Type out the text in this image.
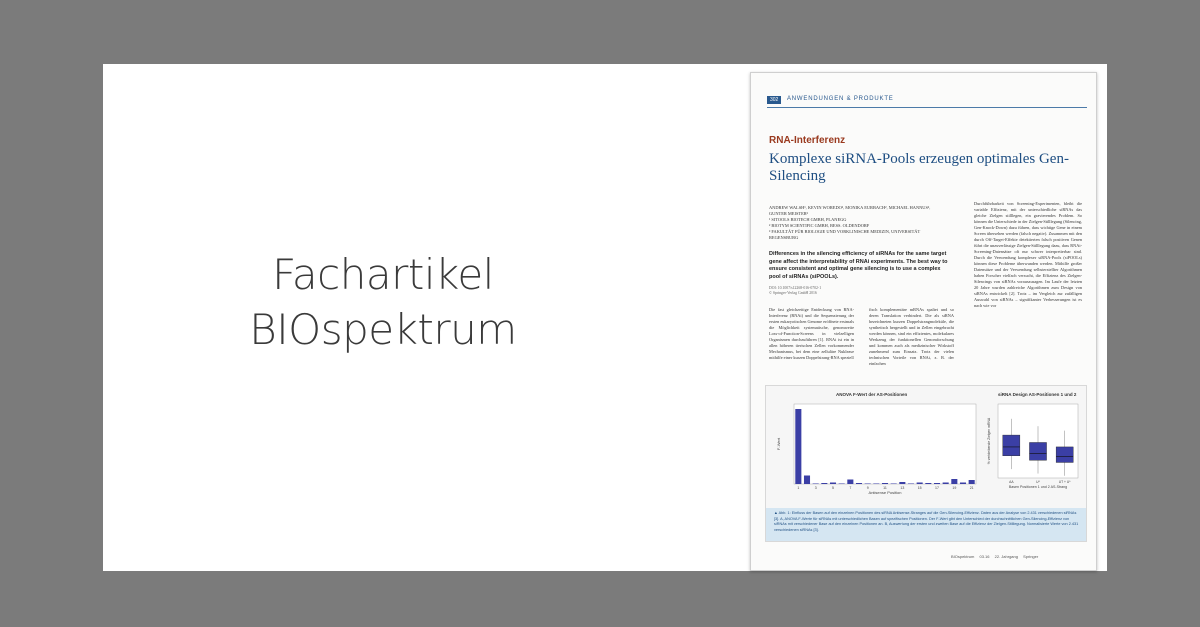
Fachartikel
BIOspektrum
302	ANWENDUNGEN & PRODUKTE
RNA-Interferenz
Komplexe siRNA-Pools erzeugen optimales Gen-Silencing
ANDREW WALSH¹, KEVIN WOREDO², MONIKA EURBACH², MICHAEL HANNUS², GUNTER MEISTER³
¹ SITOOLS BIOTECH GMBH, PLANEGG
² BIOTYM SCIENTIFIC GMBH, BESS. OLDENDORF
³ FAKULTÄT FÜR BIOLOGIE UND VORKLINISCHE MEDIZIN, UNIVERSITÄT REGENSBURG
Differences in the silencing efficiency of siRNAs for the same target gene affect the interpretability of RNAi experiments. The best way to ensure consistent and optimal gene silencing is to use a complex pool of siRNAs (siPOOLs).
DOI: 10.1007/s12268-016-0702-1
© Springer-Verlag GmbH 2016
Die fast gleichzeitige Entdeckung von RNA-Interferenz (RNAi) und die Sequenzierung der ersten eukaryotischen Genome eröffnete erstmals die Möglichkeit systematische, genomweite Loss-of-Function-Screens in vielzelligen Organismen durchzuführen [1]. RNAi ist ein in allen höheren tierischen Zellen vorkommender Mechanismus, bei dem eine zelluläre Nuklease mithilfe einer kurzen Doppelstrang-RNA speziell
fisch komplementäre mRNAs spaltet und so deren Translation verhindert. Die als siRNA bezeichneten kurzen Doppelstrangmoleküle, die synthetisch hergestellt und in Zellen eingebracht werden können, sind ein effizientes, molekulares Werkzeug der funktionellen Genomforschung und kommen auch als medizinischer Wirkstoff zunehmend zum Einsatz. Trotz der vielen technischen Vorteile von RNAi, z. B. der einfachen
Durchführbarkeit von Screening-Experimenten, bleibt die variable Effizienz, mit der unterschiedliche siRNAs das gleiche Zielgen stilllegen, ein gravierendes Problem. So können die Unterschiede in der Zielgen-Stilllegung (Silencing, Gen-Knock-Down) dazu führen, dass wichtige Gene in einem Screen übersehen werden (falsch negativ). Zusammen mit den durch Off-Target-Effekte detektierten falsch positiven Genen führt die unzuverlässige Zielgen-Stilllegung dazu, dass RNAi-Screening-Datensätze oft nur schwer interpretierbar sind. Durch die Verwendung komplexer siRNA-Pools (siPOOLs) können diese Probleme überwunden werden. Mithilfe großer Datensätze und der Verwendung selbsterstellter Algorithmen haben Forscher vielfach versucht, die Effizienz des Zielgen-Silencings von siRNAs vorauszusagen. Im Laufe der letzten 20 Jahre wurden zahlreiche Algorithmen zum Design von siRNAs entwickelt [2]. Trotz – im Vergleich zur zufälligen Auswahl von siRNAs – signifikanter Verbesserungen ist es nach wie vor
ANOVA F-Wert der AS-Positionen	siRNA Design AS-Positionen 1 und 2
1	3	5	7	9	11	13	15	17	19	21
Antisense Position
F-Wert
AA	U*	UT + U*
Basen Positionen 1 und 2 AS-Strang
% verbleibende Zielgen mRNA
▲ Abb. 1: Einfluss der Basen auf den einzelnen Positionen des siRNA Antisense-Stranges auf die Gen-Silencing-Effizienz. Daten aus der Analyse von 2.431 verschiedenen siRNAs [3]. A, ANOVA F-Werte für siRNAs mit unterschiedlichen Basen auf spezifischen Positionen. Der F-Wert gibt den Unterschied der durchschnittlichen Gen-Silencing-Effizienz von siRNAs mit verschiedener Base auf den einzelnen Positionen an. B, Auswertung der ersten und zweiten Base auf die Effizienz der Zielgen-Stilllegung. Normalisierte Werte von 2.431 verschiedenen siRNAs [3].
BIOspektrum 03.16 22. Jahrgang Springer
